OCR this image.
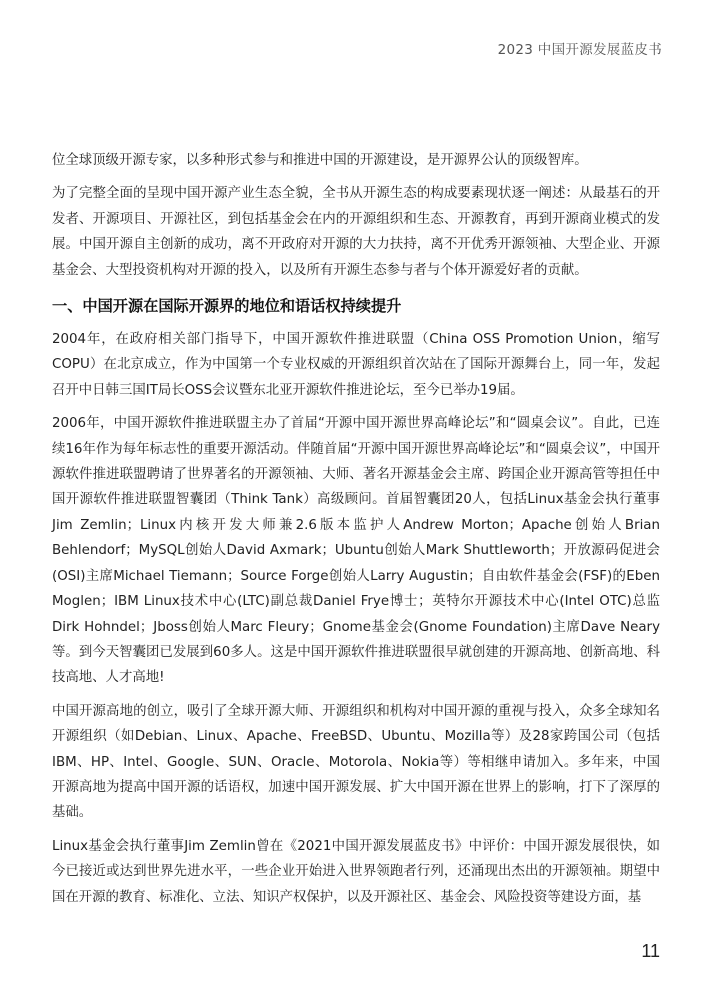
2023 中国开源发展蓝皮书

位全球顶级开源专家，以多种形式参与和推进中国的开源建设，是开源界公认的顶级智库。

为了完整全面的呈现中国开源产业生态全貌，全书从开源生态的构成要素现状逐一阐述：从最基石的开发者、开源项目、开源社区，到包括基金会在内的开源组织和生态、开源教育，再到开源商业模式的发展。中国开源自主创新的成功，离不开政府对开源的大力扶持，离不开优秀开源领袖、大型企业、开源基金会、大型投资机构对开源的投入，以及所有开源生态参与者与个体开源爱好者的贡献。

一、中国开源在国际开源界的地位和语话权持续提升

2004年，在政府相关部门指导下，中国开源软件推进联盟（China OSS Promotion Union，缩写COPU）在北京成立，作为中国第一个专业权威的开源组织首次站在了国际开源舞台上，同一年，发起召开中日韩三国IT局长OSS会议暨东北亚开源软件推进论坛，至今已举办19届。

2006年，中国开源软件推进联盟主办了首届“开源中国开源世界高峰论坛”和“圆桌会议”。自此，已连续16年作为每年标志性的重要开源活动。伴随首届“开源中国开源世界高峰论坛”和“圆桌会议”，中国开源软件推进联盟聘请了世界著名的开源领袖、大师、著名开源基金会主席、跨国企业开源高管等担任中国开源软件推进联盟智囊团（Think Tank）高级顾问。首届智囊团20人，包括Linux基金会执行董事Jim Zemlin；Linux内核开发大师兼2.6版本监护人Andrew Morton；Apache创始人Brian Behlendorf；MySQL创始人David Axmark；Ubuntu创始人Mark Shuttleworth；开放源码促进会(OSI)主席Michael Tiemann；Source Forge创始人Larry Augustin；自由软件基金会(FSF)的Eben Moglen；IBM Linux技术中心(LTC)副总裁Daniel Frye博士；英特尔开源技术中心(Intel OTC)总监Dirk Hohndel；Jboss创始人Marc Fleury；Gnome基金会(Gnome Foundation)主席Dave Neary等。到今天智囊团已发展到60多人。这是中国开源软件推进联盟很早就创建的开源高地、创新高地、科技高地、人才高地!

中国开源高地的创立，吸引了全球开源大师、开源组织和机构对中国开源的重视与投入，众多全球知名开源组织（如Debian、Linux、Apache、FreeBSD、Ubuntu、Mozilla等）及28家跨国公司（包括IBM、HP、Intel、Google、SUN、Oracle、Motorola、Nokia等）等相继申请加入。多年来，中国开源高地为提高中国开源的话语权，加速中国开源发展、扩大中国开源在世界上的影响，打下了深厚的基础。

Linux基金会执行董事Jim Zemlin曾在《2021中国开源发展蓝皮书》中评价：中国开源发展很快，如今已接近或达到世界先进水平，一些企业开始进入世界领跑者行列，还涌现出杰出的开源领袖。期望中国在开源的教育、标准化、立法、知识产权保护，以及开源社区、基金会、风险投资等建设方面，基

11
